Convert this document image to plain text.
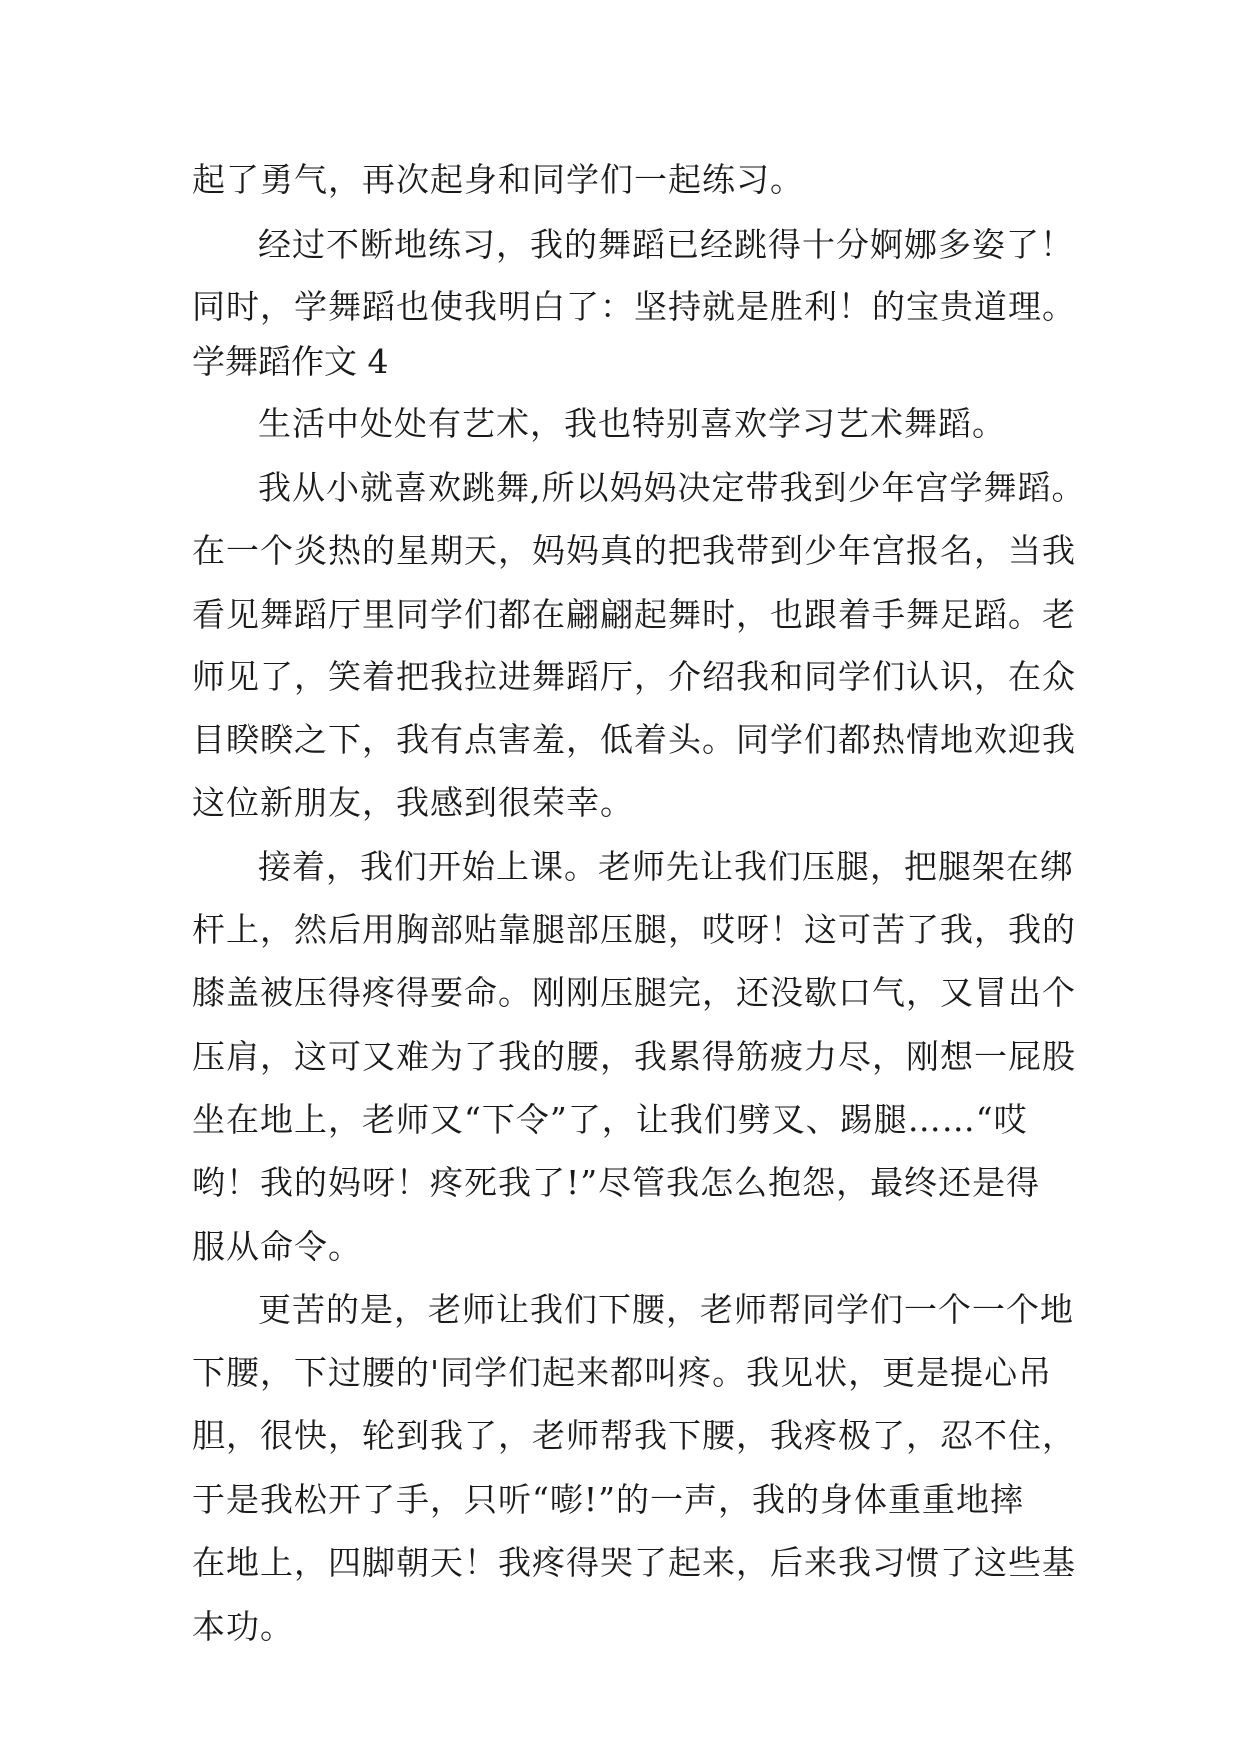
起了勇气，再次起身和同学们一起练习。
经过不断地练习，我的舞蹈已经跳得十分婀娜多姿了！
同时，学舞蹈也使我明白了：坚持就是胜利！的宝贵道理。
学舞蹈作文 4
生活中处处有艺术，我也特别喜欢学习艺术舞蹈。
我从小就喜欢跳舞,所以妈妈决定带我到少年宫学舞蹈。
在一个炎热的星期天，妈妈真的把我带到少年宫报名，当我
看见舞蹈厅里同学们都在翩翩起舞时，也跟着手舞足蹈。老
师见了，笑着把我拉进舞蹈厅，介绍我和同学们认识，在众
目睽睽之下，我有点害羞，低着头。同学们都热情地欢迎我
这位新朋友，我感到很荣幸。
接着，我们开始上课。老师先让我们压腿，把腿架在绑
杆上，然后用胸部贴靠腿部压腿，哎呀！这可苦了我，我的
膝盖被压得疼得要命。刚刚压腿完，还没歇口气，又冒出个
压肩，这可又难为了我的腰，我累得筋疲力尽，刚想一屁股
坐在地上，老师又“下令”了，让我们劈叉、踢腿……“哎
哟！我的妈呀！疼死我了!”尽管我怎么抱怨，最终还是得
服从命令。
更苦的是，老师让我们下腰，老师帮同学们一个一个地
下腰，下过腰的'同学们起来都叫疼。我见状，更是提心吊
胆，很快，轮到我了，老师帮我下腰，我疼极了，忍不住，
于是我松开了手，只听“嘭!”的一声，我的身体重重地摔
在地上，四脚朝天！我疼得哭了起来，后来我习惯了这些基
本功。
